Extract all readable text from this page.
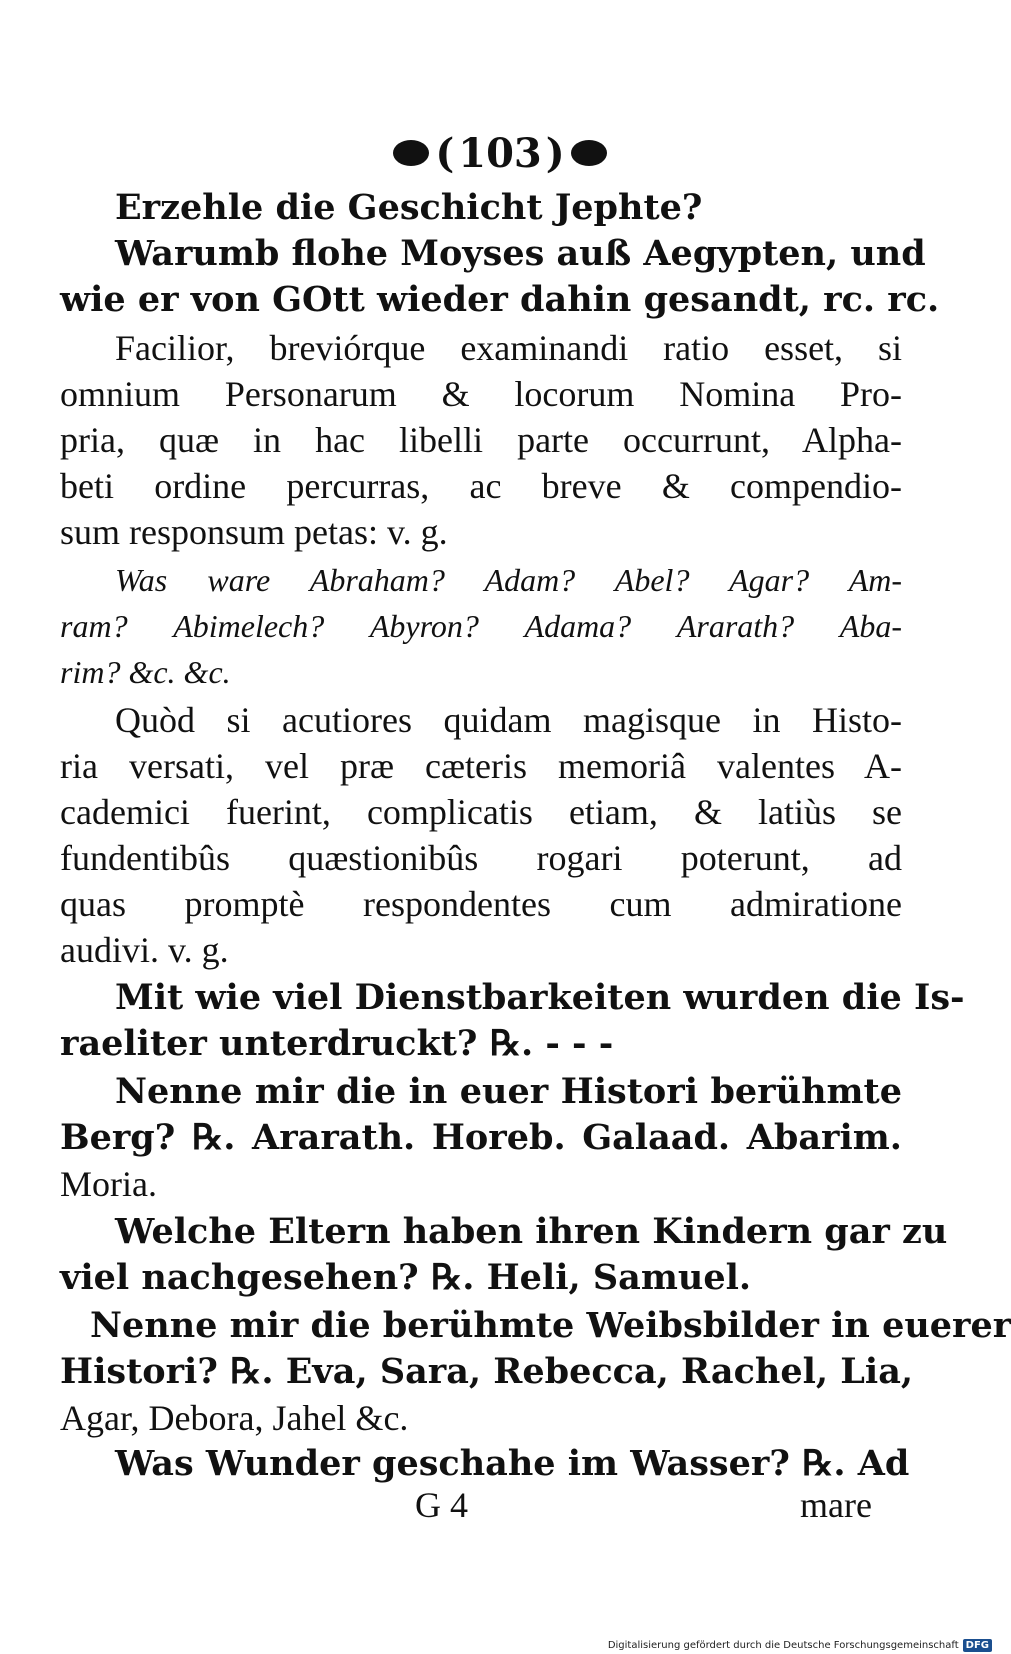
( 103 )
Erzehle die Geschicht Jephte?
Warumb flohe Moyses auß Aegypten, und
wie er von GOtt wieder dahin gesandt, rc. rc.
Facilior, breviórque examinandi ratio esset, si
omnium Personarum & locorum Nomina Pro-
pria, quæ in hac libelli parte occurrunt, Alpha-
beti ordine percurras, ac breve & compendio-
sum responsum petas: v. g.
Was ware Abraham? Adam? Abel? Agar? Am-
ram? Abimelech? Abyron? Adama? Ararath? Aba-
rim? &c. &c.
Quòd si acutiores quidam magisque in Histo-
ria versati, vel præ cæteris memoriâ valentes A-
cademici fuerint, complicatis etiam, & latiùs se
fundentibûs quæstionibûs rogari poterunt, ad
quas promptè respondentes cum admiratione
audivi. v. g.
Mit wie viel Dienstbarkeiten wurden die Is-
raeliter unterdruckt? ℞. - - -
Nenne mir die in euer Histori berühmte
Berg? ℞. Ararath. Horeb. Galaad. Abarim.
Moria.
Welche Eltern haben ihren Kindern gar zu
viel nachgesehen? ℞. Heli, Samuel.
Nenne mir die berühmte Weibsbilder in euerer
Histori? ℞. Eva, Sara, Rebecca, Rachel, Lia,
Agar, Debora, Jahel &c.
Was Wunder geschahe im Wasser? ℞. Ad
G 4	mare
Digitalisierung gefördert durch die Deutsche Forschungsgemeinschaft DFG
